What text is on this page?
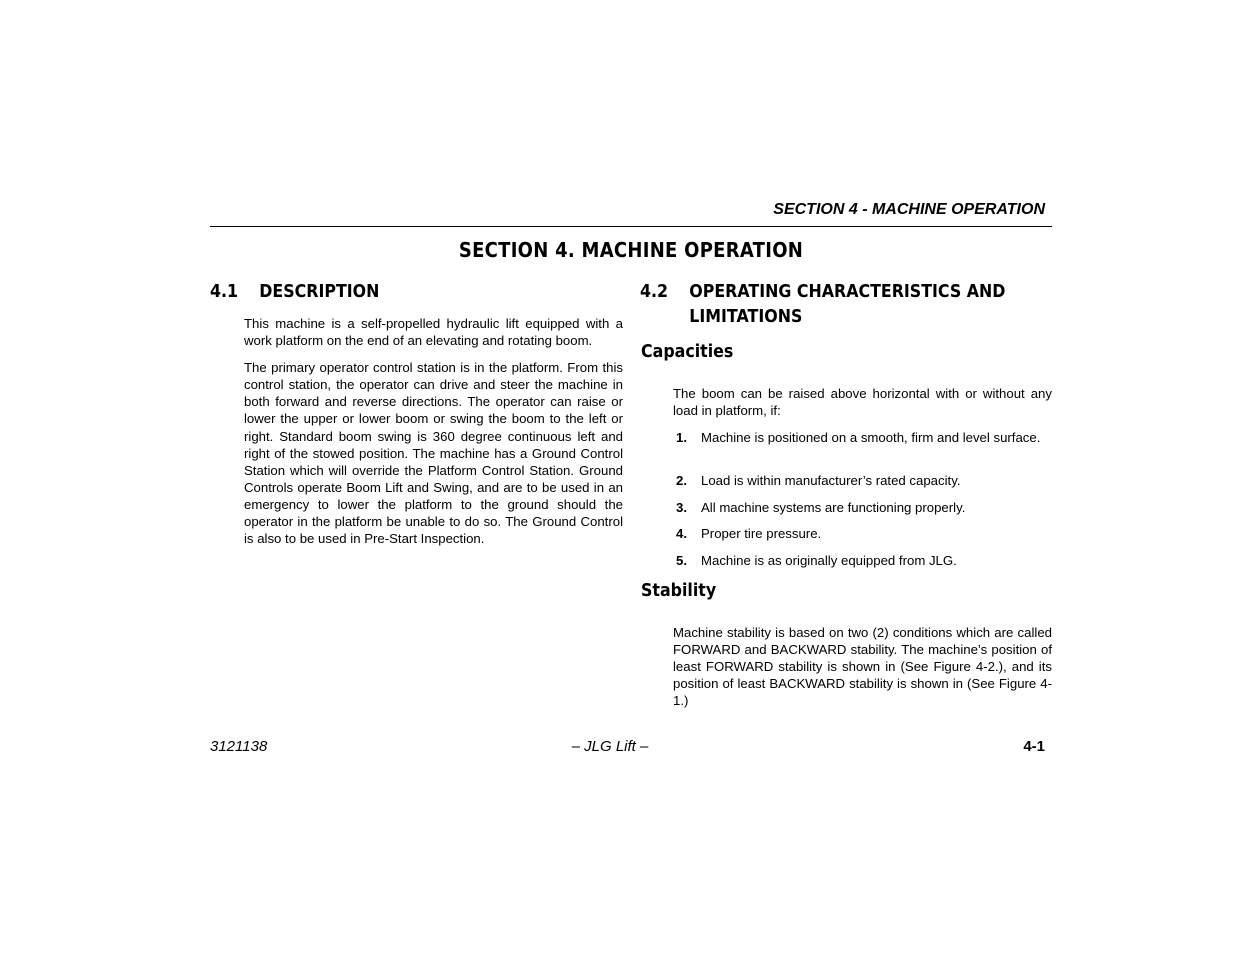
SECTION 4 - MACHINE OPERATION
SECTION 4. MACHINE OPERATION
4.1 DESCRIPTION

This machine is a self-propelled hydraulic lift equipped with a work platform on the end of an elevating and rotating boom.

The primary operator control station is in the platform. From this control station, the operator can drive and steer the machine in both forward and reverse directions. The operator can raise or lower the upper or lower boom or swing the boom to the left or right. Standard boom swing is 360 degree continuous left and right of the stowed position. The machine has a Ground Control Station which will override the Platform Control Station. Ground Controls operate Boom Lift and Swing, and are to be used in an emergency to lower the platform to the ground should the operator in the platform be unable to do so. The Ground Control is also to be used in Pre-Start Inspection.

4.2 OPERATING CHARACTERISTICS AND
LIMITATIONS
Capacities
The boom can be raised above horizontal with or without any load in platform, if:
1. Machine is positioned on a smooth, firm and level surface.
2. Load is within manufacturer’s rated capacity.
3. All machine systems are functioning properly.
4. Proper tire pressure.
5. Machine is as originally equipped from JLG.
Stability
Machine stability is based on two (2) conditions which are called FORWARD and BACKWARD stability. The machine’s position of least FORWARD stability is shown in (See Figure 4-2.), and its position of least BACKWARD stability is shown in (See Figure 4-1.)
3121138	– JLG Lift –	4-1
